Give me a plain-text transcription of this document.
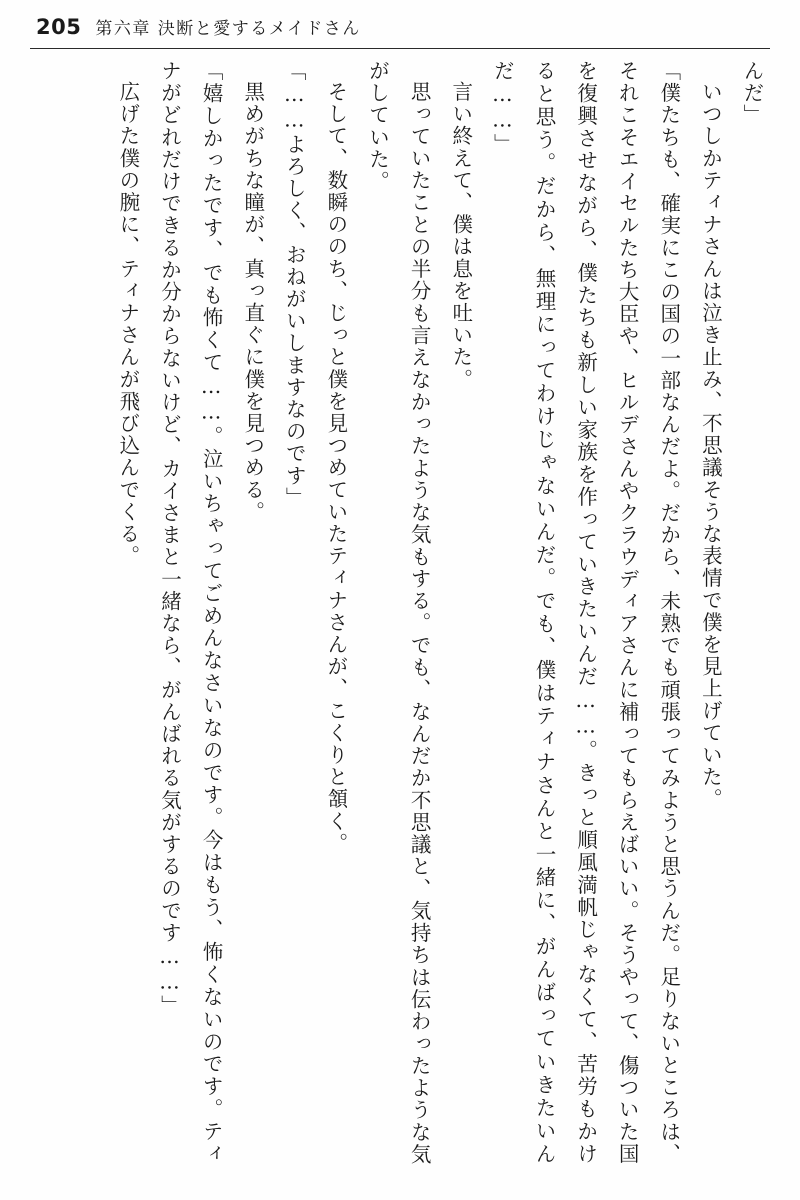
205 第六章 決断と愛するメイドさん

んだ」

いつしかティナさんは泣き止み、不思議そうな表情で僕を見上げていた。

「僕たちも、確実にこの国の一部なんだよ。だから、未熟でも頑張ってみようと思うんだ。足りないところは、それこそエイセルたち大臣や、ヒルデさんやクラウディアさんに補ってもらえばいい。そうやって、傷ついた国を復興させながら、僕たちも新しい家族を作っていきたいんだ……。きっと順風満帆じゃなくて、苦労もかけると思う。だから、無理にってわけじゃないんだ。でも、僕はティナさんと一緒に、がんばっていきたいんだ……」

言い終えて、僕は息を吐いた。

思っていたことの半分も言えなかったような気もする。でも、なんだか不思議と、気持ちは伝わったような気がしていた。

そして、数瞬ののち、じっと僕を見つめていたティナさんが、こくりと頷く。

「……よろしく、おねがいしますなのです」

黒めがちな瞳が、真っ直ぐに僕を見つめる。

「嬉しかったです、でも怖くて……。泣いちゃってごめんなさいなのです。今はもう、怖くないのです。ティナがどれだけできるか分からないけど、カイさまと一緒なら、がんばれる気がするのです……」

広げた僕の腕に、ティナさんが飛び込んでくる。
